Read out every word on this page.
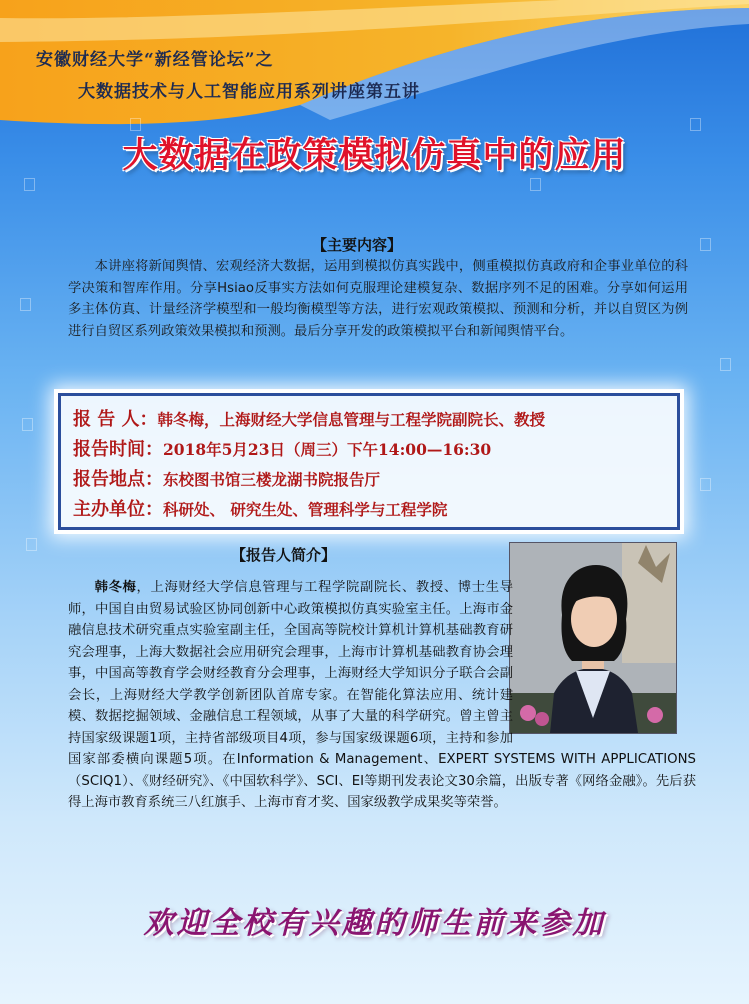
安徽财经大学“新经管论坛”之
大数据技术与人工智能应用系列讲座第五讲
大数据在政策模拟仿真中的应用
【主要内容】
本讲座将新闻舆情、宏观经济大数据，运用到模拟仿真实践中，侧重模拟仿真政府和企事业单位的科学决策和智库作用。分享Hsiao反事实方法如何克服理论建模复杂、数据序列不足的困难。分享如何运用多主体仿真、计量经济学模型和一般均衡模型等方法，进行宏观政策模拟、预测和分析，并以自贸区为例进行自贸区系列政策效果模拟和预测。最后分享开发的政策模拟平台和新闻舆情平台。
报 告 人：韩冬梅，上海财经大学信息管理与工程学院副院长、教授
报告时间：2018年5月23日（周三）下午14:00—16:30
报告地点：东校图书馆三楼龙湖书院报告厅
主办单位：科研处、 研究生处、管理科学与工程学院
【报告人简介】
韩冬梅，上海财经大学信息管理与工程学院副院长、教授、博士生导师，中国自由贸易试验区协同创新中心政策模拟仿真实验室主任。上海市金融信息技术研究重点实验室副主任，全国高等院校计算机计算机基础教育研究会理事，上海大数据社会应用研究会理事，上海市计算机基础教育协会理事，中国高等教育学会财经教育分会理事，上海财经大学知识分子联合会副会长，上海财经大学教学创新团队首席专家。在智能化算法应用、统计建模、数据挖掘领域、金融信息工程领域，从事了大量的科学研究。曾主曾主持国家级课题1项，主持省部级项目4项，参与国家级课题6项，主持和参加国家部委横向课题5项。在Information & Management、EXPERT SYSTEMS WITH APPLICATIONS（SCIQ1）、《财经研究》、《中国软科学》、SCI、EI等期刊发表论文30余篇，出版专著《网络金融》。先后获得上海市教育系统三八红旗手、上海市育才奖、国家级教学成果奖等荣誉。
欢迎全校有兴趣的师生前来参加
